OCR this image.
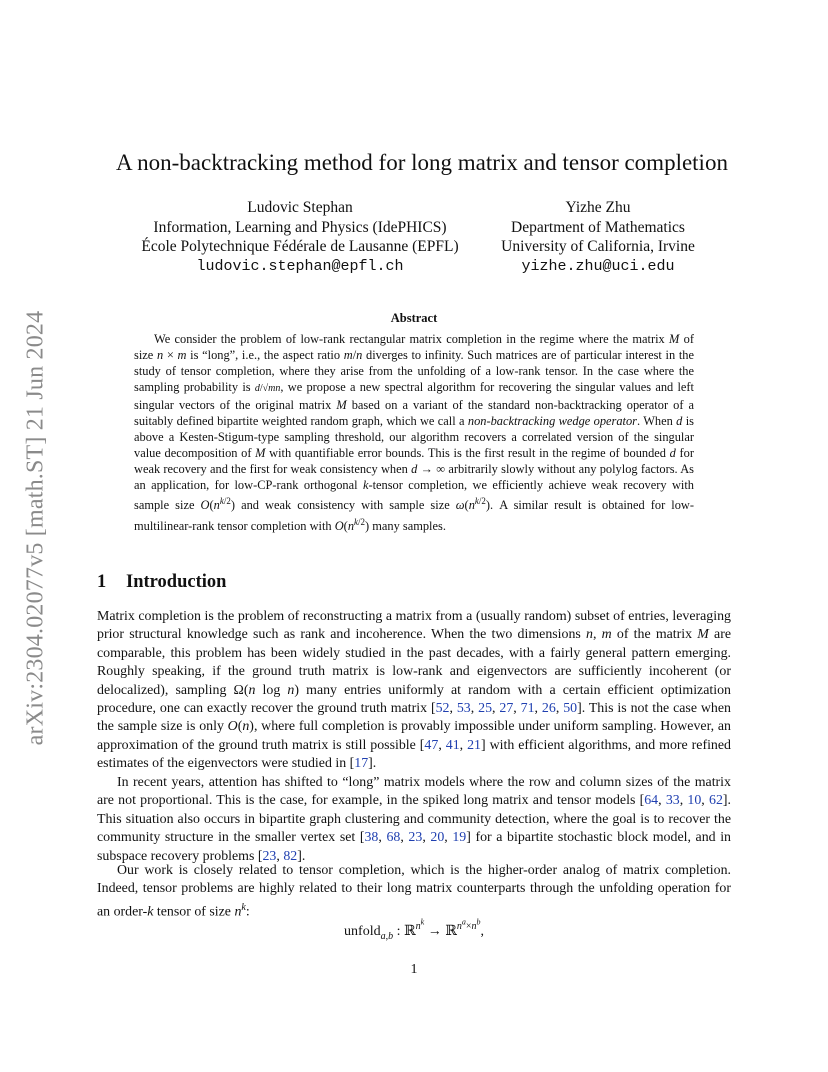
arXiv:2304.02077v5 [math.ST] 21 Jun 2024
A non-backtracking method for long matrix and tensor completion
Ludovic Stephan
Information, Learning and Physics (IdePHICS)
École Polytechnique Fédérale de Lausanne (EPFL)
ludovic.stephan@epfl.ch
Yizhe Zhu
Department of Mathematics
University of California, Irvine
yizhe.zhu@uci.edu
Abstract

We consider the problem of low-rank rectangular matrix completion in the regime where the matrix M of size n × m is “long”, i.e., the aspect ratio m/n diverges to infinity. Such matrices are of particular interest in the study of tensor completion, where they arise from the unfolding of a low-rank tensor. In the case where the sampling probability is d/√mn, we propose a new spectral algorithm for recovering the singular values and left singular vectors of the original matrix M based on a variant of the standard non-backtracking operator of a suitably defined bipartite weighted random graph, which we call a non-backtracking wedge operator. When d is above a Kesten-Stigum-type sampling threshold, our algorithm recovers a correlated version of the singular value decomposition of M with quantifiable error bounds. This is the first result in the regime of bounded d for weak recovery and the first for weak consistency when d → ∞ arbitrarily slowly without any polylog factors. As an application, for low-CP-rank orthogonal k-tensor completion, we efficiently achieve weak recovery with sample size $O(n^{k/2})$ and weak consistency with sample size $\omega(n^{k/2})$. A similar result is obtained for low-multilinear-rank tensor completion with $O(n^{k/2})$ many samples.

1 Introduction

Matrix completion is the problem of reconstructing a matrix from a (usually random) subset of entries, leveraging prior structural knowledge such as rank and incoherence. When the two dimensions n, m of the matrix M are comparable, this problem has been widely studied in the past decades, with a fairly general pattern emerging. Roughly speaking, if the ground truth matrix is low-rank and eigenvectors are sufficiently incoherent (or delocalized), sampling Ω(n log n) many entries uniformly at random with a certain efficient optimization procedure, one can exactly recover the ground truth matrix [52, 53, 25, 27, 71, 26, 50]. This is not the case when the sample size is only O(n), where full completion is provably impossible under uniform sampling. However, an approximation of the ground truth matrix is still possible [47, 41, 21] with efficient algorithms, and more refined estimates of the eigenvectors were studied in [17].

In recent years, attention has shifted to “long” matrix models where the row and column sizes of the matrix are not proportional. This is the case, for example, in the spiked long matrix and tensor models [64, 33, 10, 62]. This situation also occurs in bipartite graph clustering and community detection, where the goal is to recover the community structure in the smaller vertex set [38, 68, 23, 20, 19] for a bipartite stochastic block model, and in subspace recovery problems [23, 82].

Our work is closely related to tensor completion, which is the higher-order analog of matrix completion. Indeed, tensor problems are highly related to their long matrix counterparts through the unfolding operation for an order-k tensor of size $n^k$:

unfold$_{a,b}$ : ℝ$^{n^k}$ → ℝ$^{n^a\times n^b}$,
1
